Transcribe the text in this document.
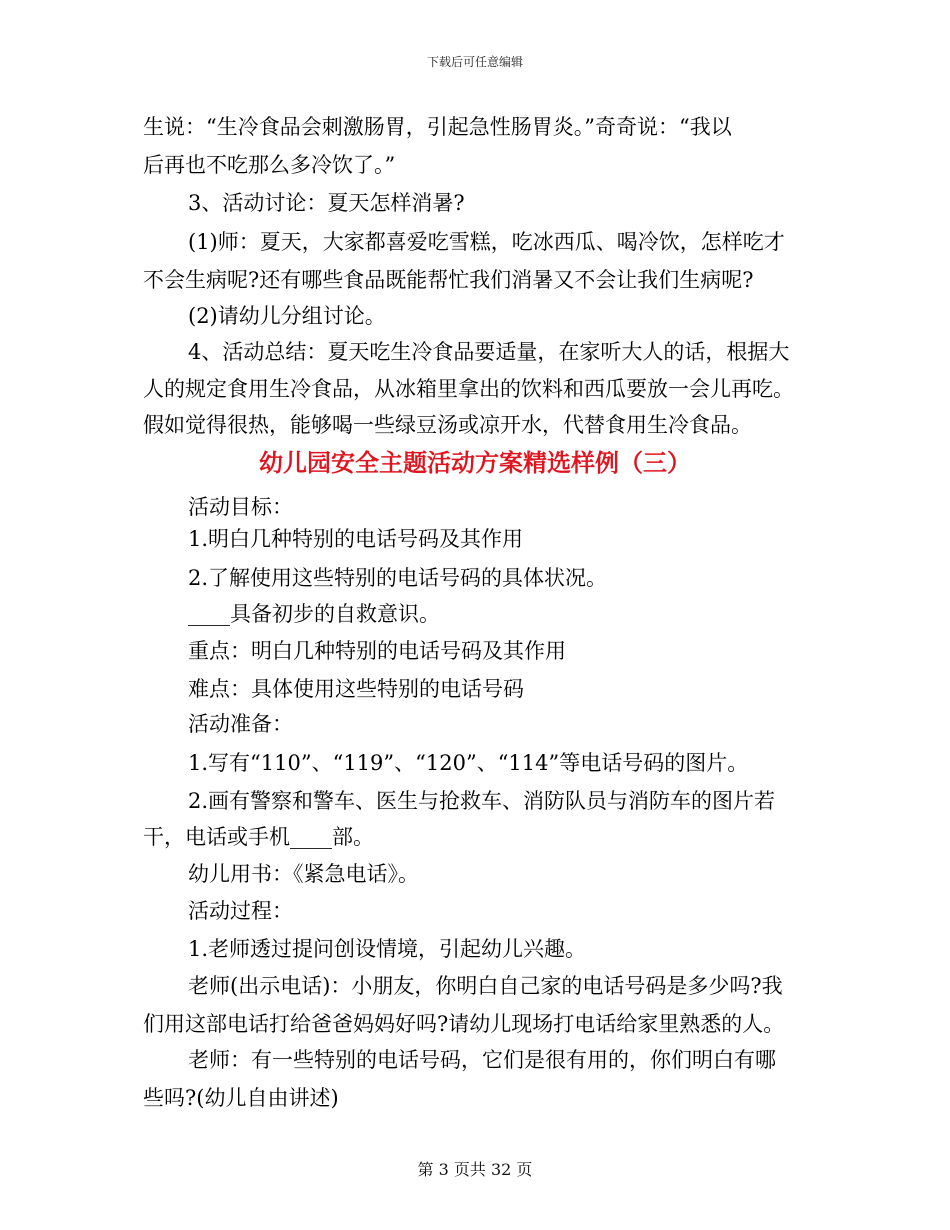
下载后可任意编辑
生说：“生冷食品会刺激肠胃，引起急性肠胃炎。”奇奇说：“我以
后再也不吃那么多冷饮了。”
3、活动讨论：夏天怎样消暑?
(1)师：夏天，大家都喜爱吃雪糕，吃冰西瓜、喝冷饮，怎样吃才
不会生病呢?还有哪些食品既能帮忙我们消暑又不会让我们生病呢?
(2)请幼儿分组讨论。
4、活动总结：夏天吃生冷食品要适量，在家听大人的话，根据大
人的规定食用生冷食品，从冰箱里拿出的饮料和西瓜要放一会儿再吃。
假如觉得很热，能够喝一些绿豆汤或凉开水，代替食用生冷食品。
幼儿园安全主题活动方案精选样例（三）
活动目标：
1.明白几种特别的电话号码及其作用
2.了解使用这些特别的电话号码的具体状况。
____具备初步的自救意识。
重点：明白几种特别的电话号码及其作用
难点：具体使用这些特别的电话号码
活动准备：
1.写有“110”、“119”、“120”、“114”等电话号码的图片。
2.画有警察和警车、医生与抢救车、消防队员与消防车的图片若
干，电话或手机____部。
幼儿用书：《紧急电话》。
活动过程：
1.老师透过提问创设情境，引起幼儿兴趣。
老师(出示电话)：小朋友，你明白自己家的电话号码是多少吗?我
们用这部电话打给爸爸妈妈好吗?请幼儿现场打电话给家里熟悉的人。
老师：有一些特别的电话号码，它们是很有用的，你们明白有哪
些吗?(幼儿自由讲述)
第 3 页共 32 页
